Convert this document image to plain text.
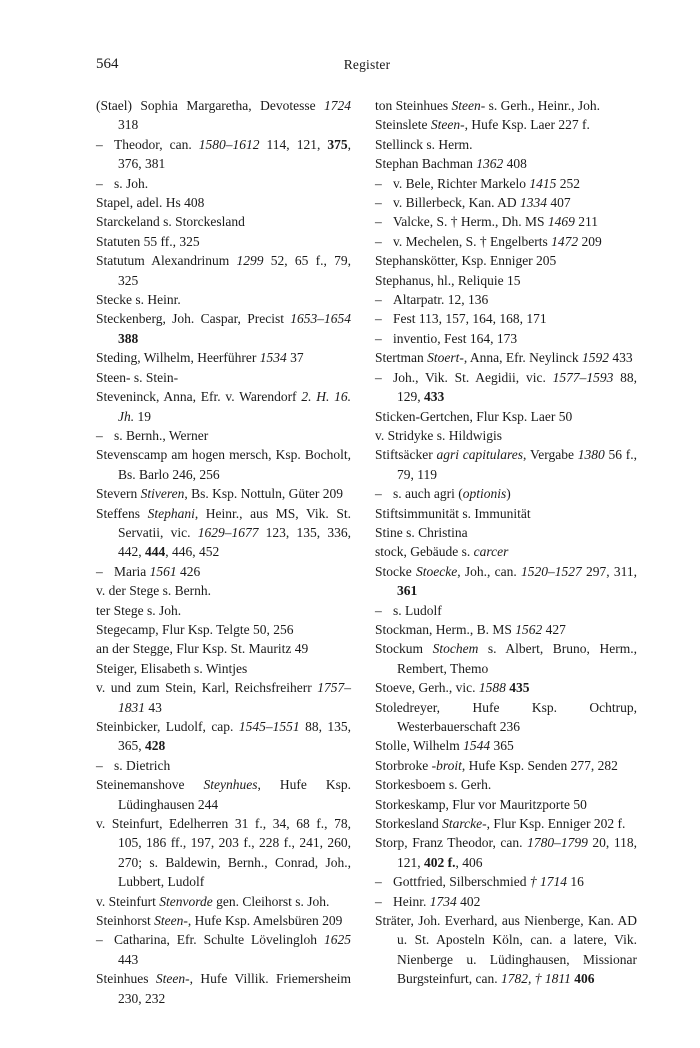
564	Register
(Stael) Sophia Margaretha, Devotesse 1724 318
– Theodor, can. 1580–1612 114, 121, 375, 376, 381
– s. Joh.
Stapel, adel. Hs 408
Starckeland s. Storckesland
Statuten 55 ff., 325
Statutum Alexandrinum 1299 52, 65 f., 79, 325
Stecke s. Heinr.
Steckenberg, Joh. Caspar, Precist 1653–1654 388
Steding, Wilhelm, Heerführer 1534 37
Steen- s. Stein-
Steveninck, Anna, Efr. v. Warendorf 2. H. 16. Jh. 19
– s. Bernh., Werner
Stevenscamp am hogen mersch, Ksp. Bocholt, Bs. Barlo 246, 256
Stevern Stiveren, Bs. Ksp. Nottuln, Güter 209
Steffens Stephani, Heinr., aus MS, Vik. St. Servatii, vic. 1629–1677 123, 135, 336, 442, 444, 446, 452
– Maria 1561 426
v. der Stege s. Bernh.
ter Stege s. Joh.
Stegecamp, Flur Ksp. Telgte 50, 256
an der Stegge, Flur Ksp. St. Mauritz 49
Steiger, Elisabeth s. Wintjes
v. und zum Stein, Karl, Reichsfreiherr 1757–1831 43
Steinbicker, Ludolf, cap. 1545–1551 88, 135, 365, 428
– s. Dietrich
Steinemanshove Steynhues, Hufe Ksp. Lüdinghausen 244
v. Steinfurt, Edelherren 31 f., 34, 68 f., 78, 105, 186 ff., 197, 203 f., 228 f., 241, 260, 270; s. Baldewin, Bernh., Conrad, Joh., Lubbert, Ludolf
v. Steinfurt Stenvorde gen. Cleihorst s. Joh.
Steinhorst Steen-, Hufe Ksp. Amelsbüren 209
– Catharina, Efr. Schulte Lövelingloh 1625 443
Steinhues Steen-, Hufe Villik. Friemersheim 230, 232
ton Steinhues Steen- s. Gerh., Heinr., Joh.
Steinslete Steen-, Hufe Ksp. Laer 227 f.
Stellinck s. Herm.
Stephan Bachman 1362 408
– v. Bele, Richter Markelo 1415 252
– v. Billerbeck, Kan. AD 1334 407
– Valcke, S. † Herm., Dh. MS 1469 211
– v. Mechelen, S. † Engelberts 1472 209
Stephanskötter, Ksp. Enniger 205
Stephanus, hl., Reliquie 15
– Altarpatr. 12, 136
– Fest 113, 157, 164, 168, 171
– inventio, Fest 164, 173
Stertman Stoert-, Anna, Efr. Neylinck 1592 433
– Joh., Vik. St. Aegidii, vic. 1577–1593 88, 129, 433
Sticken-Gertchen, Flur Ksp. Laer 50
v. Stridyke s. Hildwigis
Stiftsäcker agri capitulares, Vergabe 1380 56 f., 79, 119
– s. auch agri (optionis)
Stiftsimmunität s. Immunität
Stine s. Christina
stock, Gebäude s. carcer
Stocke Stoecke, Joh., can. 1520–1527 297, 311, 361
– s. Ludolf
Stockman, Herm., B. MS 1562 427
Stockum Stochem s. Albert, Bruno, Herm., Rembert, Themo
Stoeve, Gerh., vic. 1588 435
Stoledreyer, Hufe Ksp. Ochtrup, Westerbauerschaft 236
Stolle, Wilhelm 1544 365
Storbroke -broit, Hufe Ksp. Senden 277, 282
Storkesboem s. Gerh.
Storkeskamp, Flur vor Mauritzporte 50
Storkesland Starcke-, Flur Ksp. Enniger 202 f.
Storp, Franz Theodor, can. 1780–1799 20, 118, 121, 402 f., 406
– Gottfried, Silberschmied † 1714 16
– Heinr. 1734 402
Sträter, Joh. Everhard, aus Nienberge, Kan. AD u. St. Aposteln Köln, can. a latere, Vik. Nienberge u. Lüdinghausen, Missionar Burgsteinfurt, can. 1782, † 1811 406
